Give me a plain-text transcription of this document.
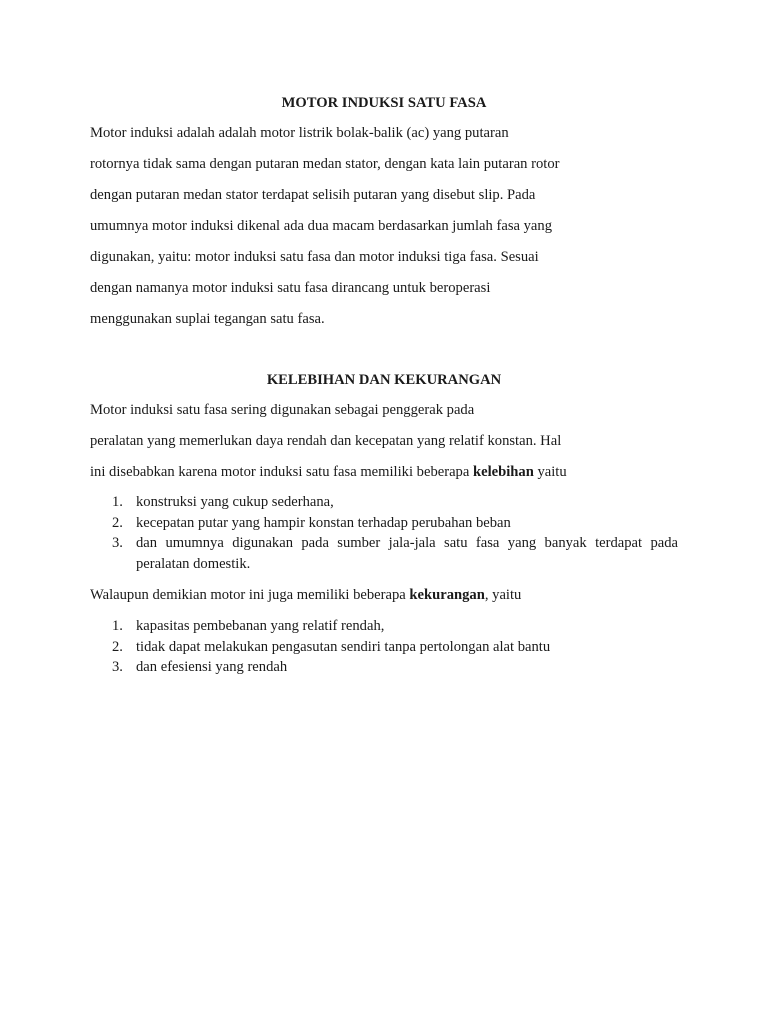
MOTOR INDUKSI SATU FASA
Motor induksi adalah adalah motor listrik bolak-balik (ac) yang putaran
rotornya tidak sama dengan putaran medan stator, dengan kata lain putaran rotor
dengan putaran medan stator terdapat selisih putaran yang disebut slip. Pada
umumnya motor induksi dikenal ada dua macam berdasarkan jumlah fasa yang
digunakan, yaitu: motor induksi satu fasa dan motor induksi tiga fasa. Sesuai
dengan namanya motor induksi satu fasa dirancang untuk beroperasi
menggunakan suplai tegangan satu fasa.
KELEBIHAN DAN KEKURANGAN
Motor induksi satu fasa sering digunakan sebagai penggerak pada
peralatan yang memerlukan daya rendah dan kecepatan yang relatif konstan. Hal
ini disebabkan karena motor induksi satu fasa memiliki beberapa kelebihan yaitu
1. konstruksi yang cukup sederhana,
2. kecepatan putar yang hampir konstan terhadap perubahan beban
3. dan umumnya digunakan pada sumber jala-jala satu fasa yang banyak terdapat pada peralatan domestik.
Walaupun demikian motor ini juga memiliki beberapa kekurangan, yaitu
1. kapasitas pembebanan yang relatif rendah,
2. tidak dapat melakukan pengasutan sendiri tanpa pertolongan alat bantu
3. dan efesiensi yang rendah
